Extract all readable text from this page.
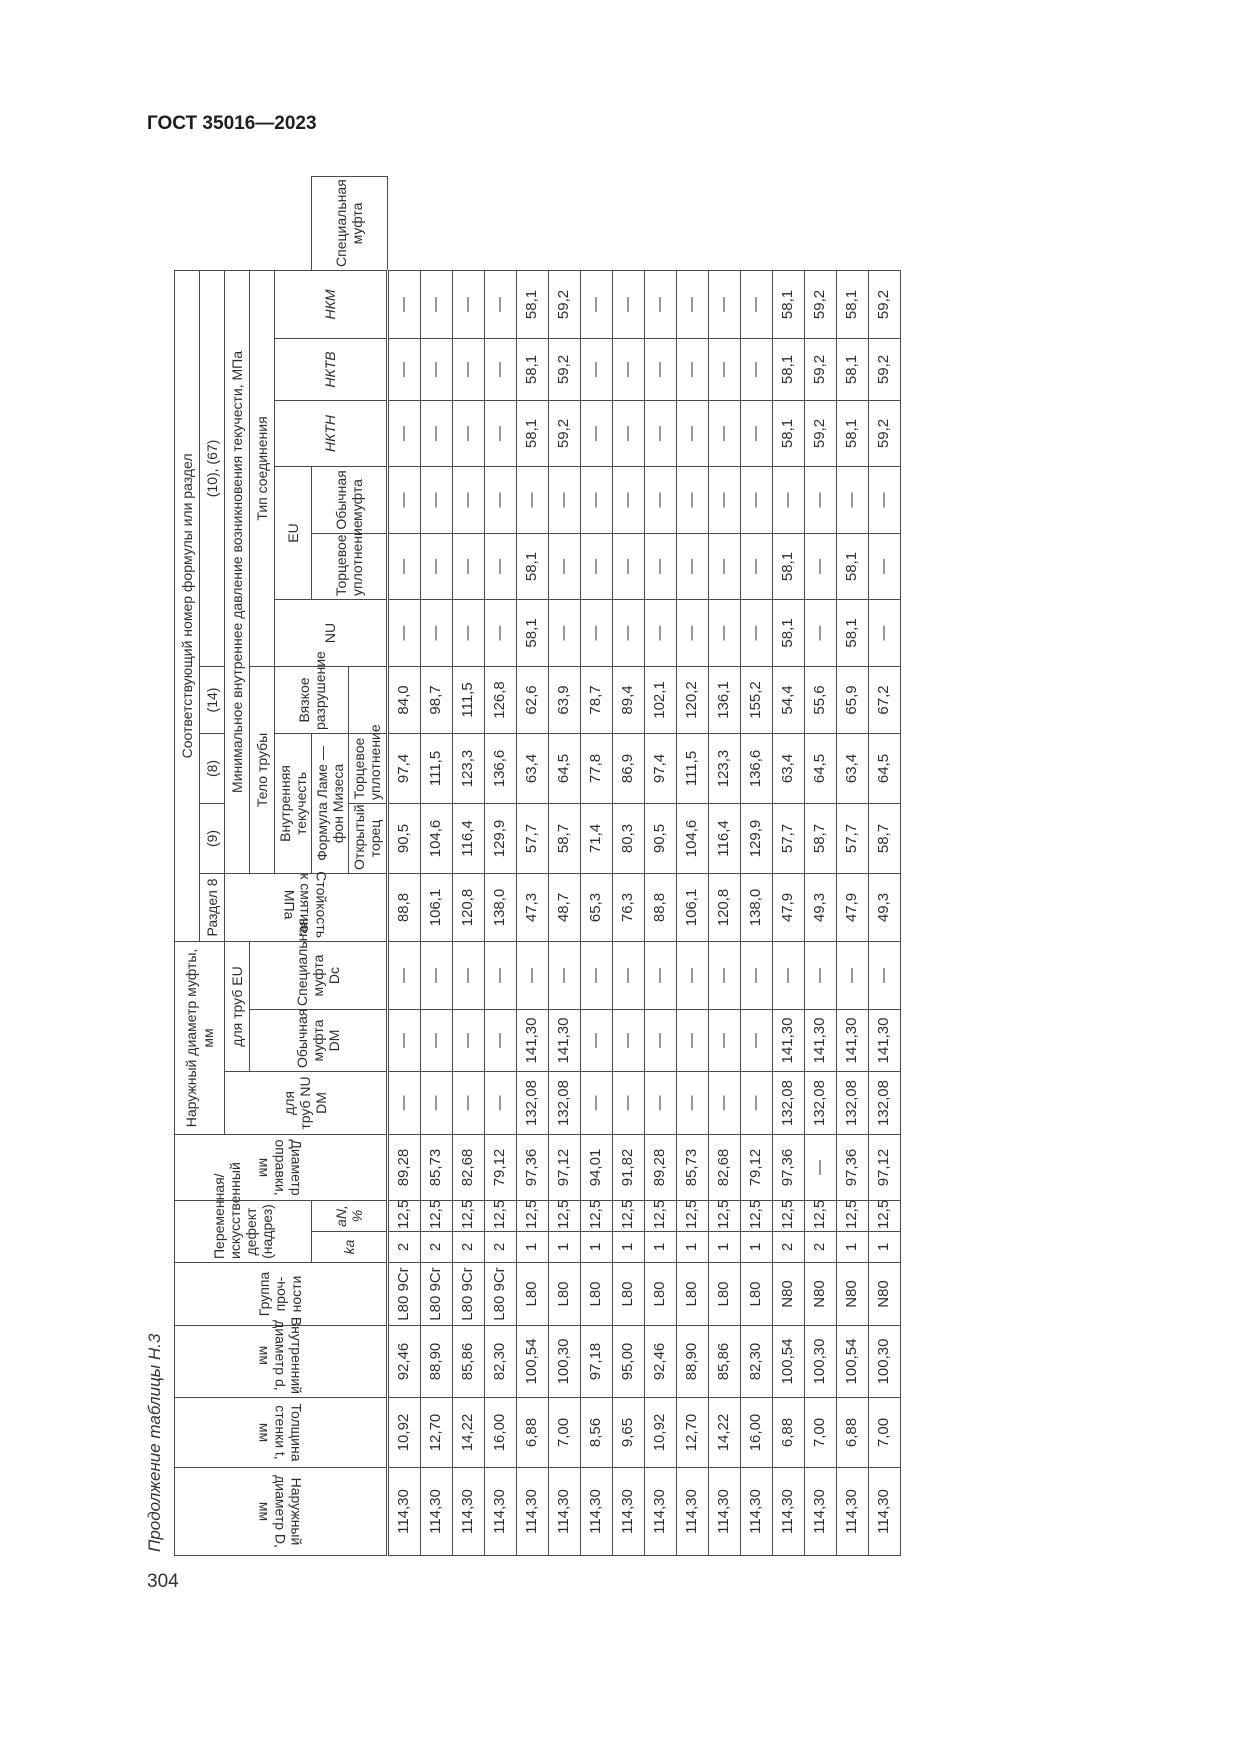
ГОСТ 35016—2023
304
Продолжение таблицы Н.3	Наружный диаметр D, мм	Толщина стенки t, мм	Внутренний диаметр d, мм	Группа проч-ности	Переменная/искусственный дефект (надрез)		Диаметр оправки, мм	Наружный диаметр муфты, мм			Соответствующий номер формулы или раздел										
										Раздел 8	(9)	(8)	(14)	(10), (67)						
							для труб NU DM	для труб EU		Стойкость к смятию, МПа	Минимальное внутреннее давление возникновения текучести, МПа									
								Обычная муфта DM	Специальная муфта Dc		Тело трубы			Тип соединения						
											Внутренняя текучесть		Вязкое разрушение	NU	EU		НКТН	НКТВ	НКМ	
				ka	aN, %						Формула Ламе — фон Мизеса				Торцевое уплотнение	Обычная муфта				Специальная муфта
											Открытый торец	Торцевое уплотнение								
114,30	10,92	92,46	L80 9Cr	2	12,5	89,28	—	—	—	88,8	90,5	97,4	84,0	—	—	—	—	—	—	
114,30	12,70	88,90	L80 9Cr	2	12,5	85,73	—	—	—	106,1	104,6	111,5	98,7	—	—	—	—	—	—	
114,30	14,22	85,86	L80 9Cr	2	12,5	82,68	—	—	—	120,8	116,4	123,3	111,5	—	—	—	—	—	—	
114,30	16,00	82,30	L80 9Cr	2	12,5	79,12	—	—	—	138,0	129,9	136,6	126,8	—	—	—	—	—	—	
114,30	6,88	100,54	L80	1	12,5	97,36	132,08	141,30	—	47,3	57,7	63,4	62,6	58,1	58,1	—	58,1	58,1	58,1	
114,30	7,00	100,30	L80	1	12,5	97,12	132,08	141,30	—	48,7	58,7	64,5	63,9	—	—	—	59,2	59,2	59,2	
114,30	8,56	97,18	L80	1	12,5	94,01	—	—	—	65,3	71,4	77,8	78,7	—	—	—	—	—	—	
114,30	9,65	95,00	L80	1	12,5	91,82	—	—	—	76,3	80,3	86,9	89,4	—	—	—	—	—	—	
114,30	10,92	92,46	L80	1	12,5	89,28	—	—	—	88,8	90,5	97,4	102,1	—	—	—	—	—	—	
114,30	12,70	88,90	L80	1	12,5	85,73	—	—	—	106,1	104,6	111,5	120,2	—	—	—	—	—	—	
114,30	14,22	85,86	L80	1	12,5	82,68	—	—	—	120,8	116,4	123,3	136,1	—	—	—	—	—	—	
114,30	16,00	82,30	L80	1	12,5	79,12	—	—	—	138,0	129,9	136,6	155,2	—	—	—	—	—	—	
114,30	6,88	100,54	N80	2	12,5	97,36	132,08	141,30	—	47,9	57,7	63,4	54,4	58,1	58,1	—	58,1	58,1	58,1	
114,30	7,00	100,30	N80	2	12,5	—	132,08	141,30	—	49,3	58,7	64,5	55,6	—	—	—	59,2	59,2	59,2	
114,30	6,88	100,54	N80	1	12,5	97,36	132,08	141,30	—	47,9	57,7	63,4	65,9	58,1	58,1	—	58,1	58,1	58,1	
114,30	7,00	100,30	N80	1	12,5	97,12	132,08	141,30	—	49,3	58,7	64,5	67,2	—	—	—	59,2	59,2	59,2	
